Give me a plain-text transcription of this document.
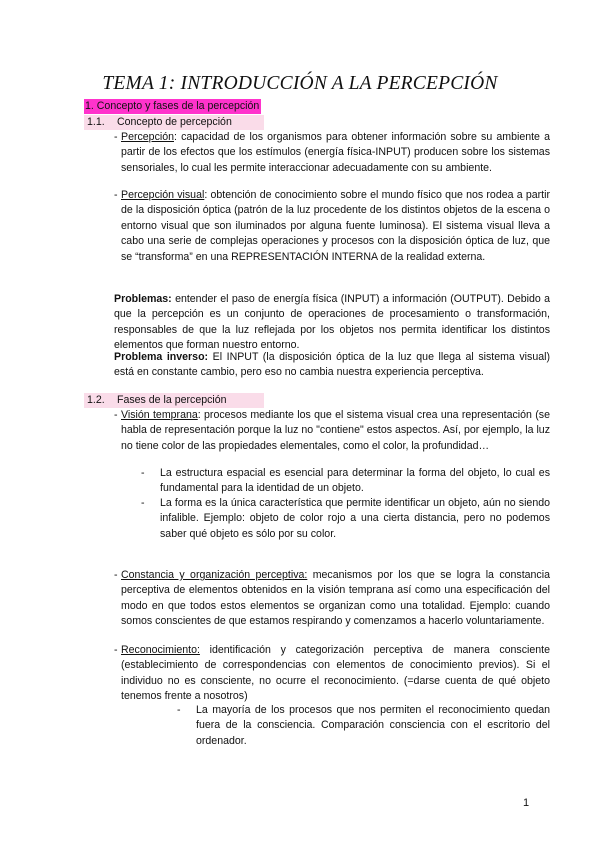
TEMA 1: INTRODUCCIÓN A LA PERCEPCIÓN
1. Concepto y fases de la percepción
1.1. Concepto de percepción
- Percepción: capacidad de los organismos para obtener información sobre su ambiente a partir de los efectos que los estímulos (energía física-INPUT) producen sobre los sistemas sensoriales, lo cual les permite interaccionar adecuadamente con su ambiente.
- Percepción visual: obtención de conocimiento sobre el mundo físico que nos rodea a partir de la disposición óptica (patrón de la luz procedente de los distintos objetos de la escena o entorno visual que son iluminados por alguna fuente luminosa). El sistema visual lleva a cabo una serie de complejas operaciones y procesos con la disposición óptica de luz, que se “transforma” en una REPRESENTACIÓN INTERNA de la realidad externa.
Problemas: entender el paso de energía física (INPUT) a información (OUTPUT). Debido a que la percepción es un conjunto de operaciones de procesamiento o transformación, responsables de que la luz reflejada por los objetos nos permita identificar los distintos elementos que forman nuestro entorno.
Problema inverso: El INPUT (la disposición óptica de la luz que llega al sistema visual) está en constante cambio, pero eso no cambia nuestra experiencia perceptiva.
1.2. Fases de la percepción
- Visión temprana: procesos mediante los que el sistema visual crea una representación (se habla de representación porque la luz no "contiene" estos aspectos. Así, por ejemplo, la luz no tiene color de las propiedades elementales, como el color, la profundidad…
- La estructura espacial es esencial para determinar la forma del objeto, lo cual es fundamental para la identidad de un objeto.
- La forma es la única característica que permite identificar un objeto, aún no siendo infalible. Ejemplo: objeto de color rojo a una cierta distancia, pero no podemos saber qué objeto es sólo por su color.
- Constancia y organización perceptiva: mecanismos por los que se logra la constancia perceptiva de elementos obtenidos en la visión temprana así como una especificación del modo en que todos estos elementos se organizan como una totalidad. Ejemplo: cuando somos conscientes de que estamos respirando y comenzamos a hacerlo voluntariamente.
- Reconocimiento: identificación y categorización perceptiva de manera consciente (establecimiento de correspondencias con elementos de conocimiento previos). Si el individuo no es consciente, no ocurre el reconocimiento. (=darse cuenta de qué objeto tenemos frente a nosotros)
- La mayoría de los procesos que nos permiten el reconocimiento quedan fuera de la consciencia. Comparación consciencia con el escritorio del ordenador.
1
